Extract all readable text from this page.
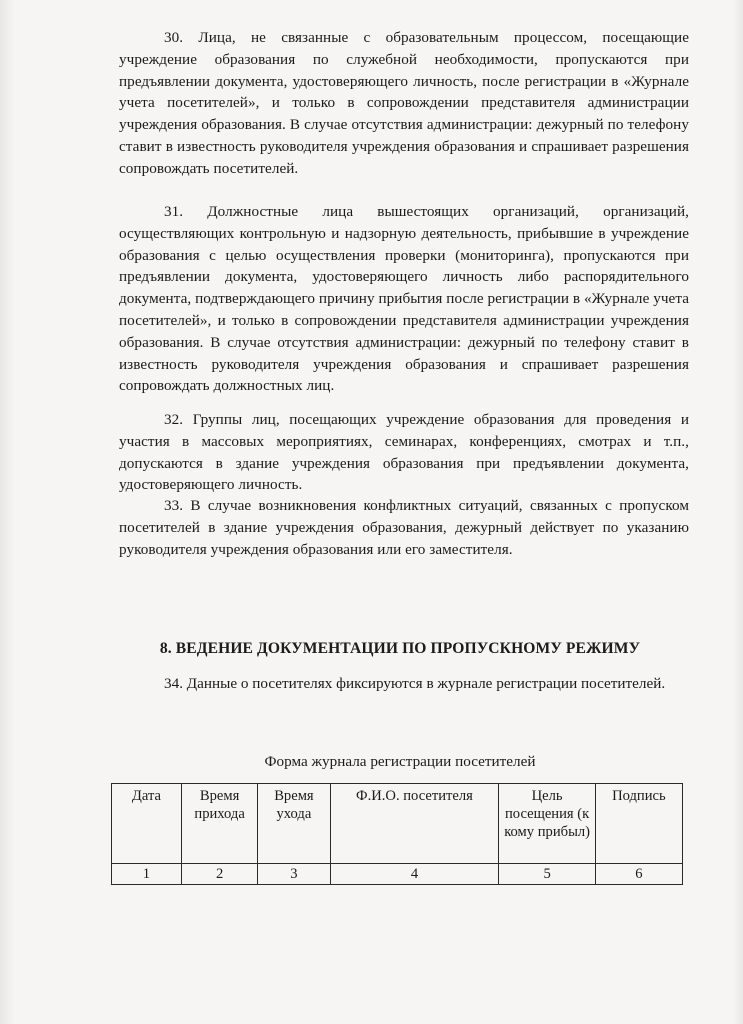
30. Лица, не связанные с образовательным процессом, посещающие учреждение образования по служебной необходимости, пропускаются при предъявлении документа, удостоверяющего личность, после регистрации в «Журнале учета посетителей», и только в сопровождении представителя администрации учреждения образования. В случае отсутствия администрации: дежурный по телефону ставит в известность руководителя учреждения образования и спрашивает разрешения сопровождать посетителей.

31. Должностные лица вышестоящих организаций, организаций, осуществляющих контрольную и надзорную деятельность, прибывшие в учреждение образования с целью осуществления проверки (мониторинга), пропускаются при предъявлении документа, удостоверяющего личность либо распорядительного документа, подтверждающего причину прибытия после регистрации в «Журнале учета посетителей», и только в сопровождении представителя администрации учреждения образования. В случае отсутствия администрации: дежурный по телефону ставит в известность руководителя учреждения образования и спрашивает разрешения сопровождать должностных лиц.

32. Группы лиц, посещающих учреждение образования для проведения и участия в массовых мероприятиях, семинарах, конференциях, смотрах и т.п., допускаются в здание учреждения образования при предъявлении документа, удостоверяющего личность.

33. В случае возникновения конфликтных ситуаций, связанных с пропуском посетителей в здание учреждения образования, дежурный действует по указанию руководителя учреждения образования или его заместителя.

8. ВЕДЕНИЕ ДОКУМЕНТАЦИИ ПО ПРОПУСКНОМУ РЕЖИМУ

34. Данные о посетителях фиксируются в журнале регистрации посетителей.

Форма журнала регистрации посетителей

Дата	Время прихода	Время ухода	Ф.И.О. посетителя	Цель посещения (к кому прибыл)	Подпись
1	2	3	4	5	6
